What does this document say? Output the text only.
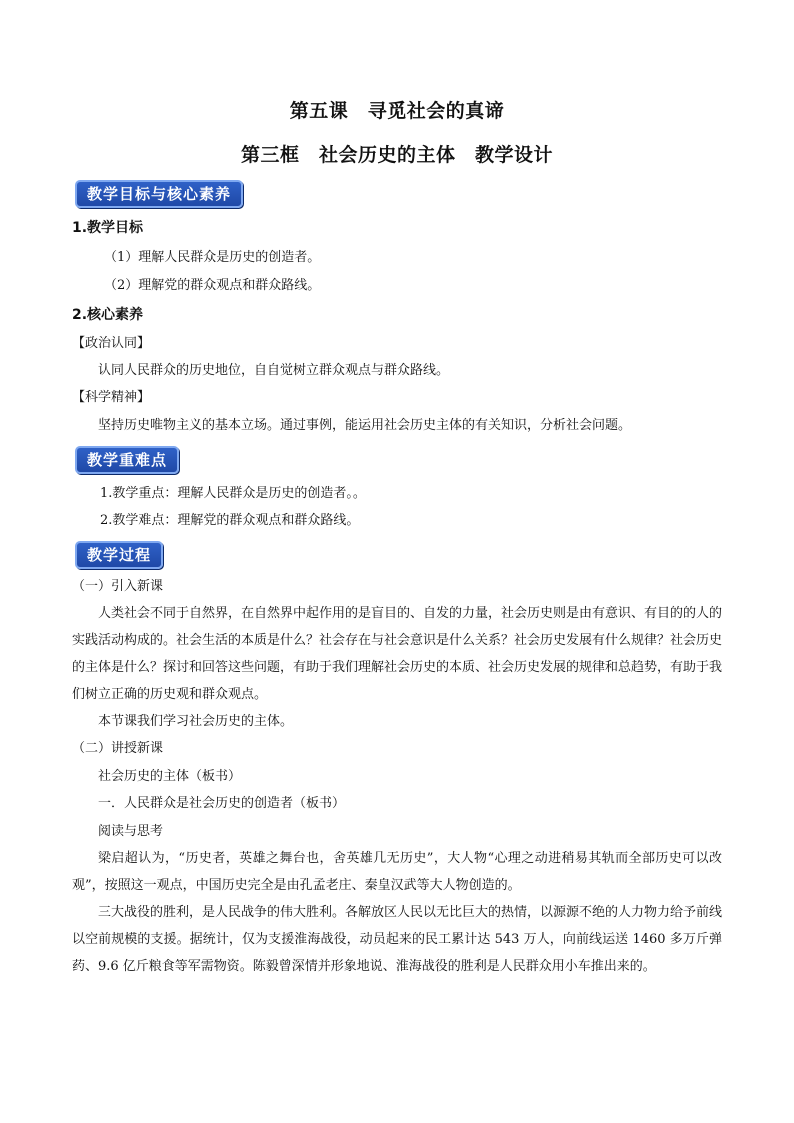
第五课　寻觅社会的真谛
第三框　社会历史的主体　教学设计
教学目标与核心素养
1.教学目标
（1）理解人民群众是历史的创造者。
（2）理解党的群众观点和群众路线。
2.核心素养
【政治认同】
认同人民群众的历史地位，自自觉树立群众观点与群众路线。
【科学精神】
坚持历史唯物主义的基本立场。通过事例，能运用社会历史主体的有关知识，分析社会问题。
教学重难点
1.教学重点：理解人民群众是历史的创造者。。
2.教学难点：理解党的群众观点和群众路线。
教学过程
（一）引入新课
人类社会不同于自然界，在自然界中起作用的是盲目的、自发的力量，社会历史则是由有意识、有目的的人的实践活动构成的。社会生活的本质是什么？社会存在与社会意识是什么关系？社会历史发展有什么规律？社会历史的主体是什么？探讨和回答这些问题，有助于我们理解社会历史的本质、社会历史发展的规律和总趋势，有助于我们树立正确的历史观和群众观点。
本节课我们学习社会历史的主体。
（二）讲授新课
社会历史的主体（板书）
一．人民群众是社会历史的创造者（板书）
阅读与思考
梁启超认为，“历史者，英雄之舞台也，舍英雄几无历史”，大人物“心理之动进稍易其轨而全部历史可以改观”，按照这一观点，中国历史完全是由孔孟老庄、秦皇汉武等大人物创造的。
三大战役的胜利，是人民战争的伟大胜利。各解放区人民以无比巨大的热情，以源源不绝的人力物力给予前线以空前规模的支援。据统计，仅为支援淮海战役，动员起来的民工累计达 543 万人，向前线运送 1460 多万斤弹药、9.6 亿斤粮食等军需物资。陈毅曾深情并形象地说、淮海战役的胜利是人民群众用小车推出来的。
